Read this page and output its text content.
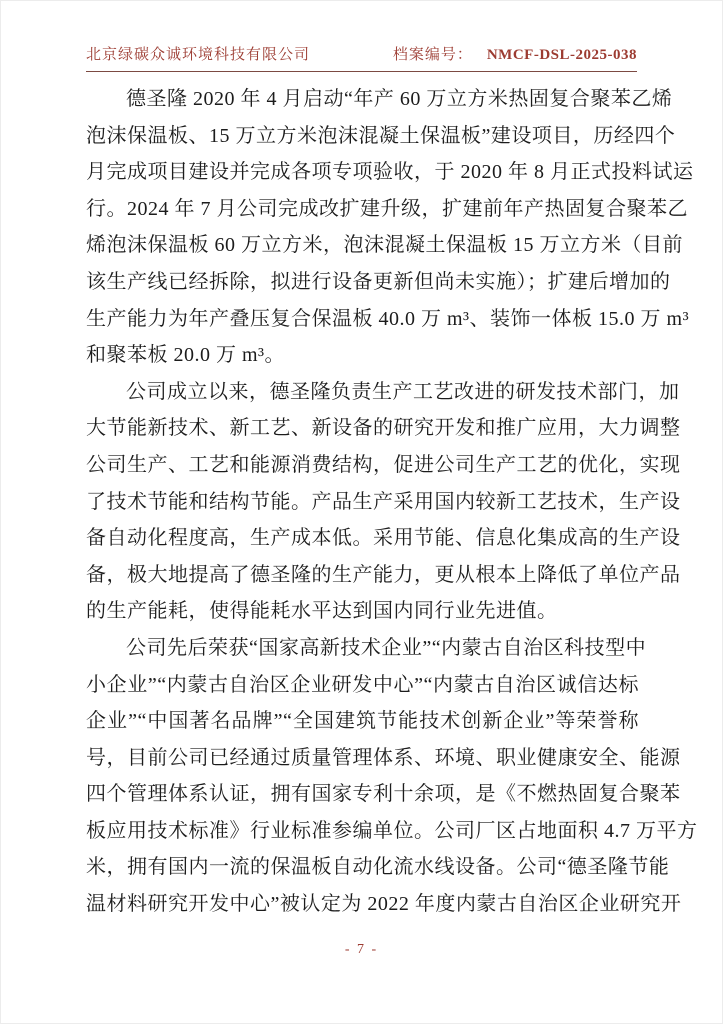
北京绿碳众诚环境科技有限公司	档案编号： NMCF-DSL-2025-038
德圣隆 2020 年 4 月启动“年产 60 万立方米热固复合聚苯乙烯
泡沫保温板、15 万立方米泡沫混凝土保温板”建设项目，历经四个
月完成项目建设并完成各项专项验收，于 2020 年 8 月正式投料试运
行。2024 年 7 月公司完成改扩建升级，扩建前年产热固复合聚苯乙
烯泡沫保温板 60 万立方米，泡沫混凝土保温板 15 万立方米（目前
该生产线已经拆除，拟进行设备更新但尚未实施）；扩建后增加的
生产能力为年产叠压复合保温板 40.0 万 m³、装饰一体板 15.0 万 m³
和聚苯板 20.0 万 m³。
公司成立以来，德圣隆负责生产工艺改进的研发技术部门，加
大节能新技术、新工艺、新设备的研究开发和推广应用，大力调整
公司生产、工艺和能源消费结构，促进公司生产工艺的优化，实现
了技术节能和结构节能。产品生产采用国内较新工艺技术，生产设
备自动化程度高，生产成本低。采用节能、信息化集成高的生产设
备，极大地提高了德圣隆的生产能力，更从根本上降低了单位产品
的生产能耗，使得能耗水平达到国内同行业先进值。
公司先后荣获“国家高新技术企业”“内蒙古自治区科技型中
小企业”“内蒙古自治区企业研发中心”“内蒙古自治区诚信达标
企业”“中国著名品牌”“全国建筑节能技术创新企业”等荣誉称
号，目前公司已经通过质量管理体系、环境、职业健康安全、能源
四个管理体系认证，拥有国家专利十余项，是《不燃热固复合聚苯
板应用技术标准》行业标准参编单位。公司厂区占地面积 4.7 万平方
米，拥有国内一流的保温板自动化流水线设备。公司“德圣隆节能
温材料研究开发中心”被认定为 2022 年度内蒙古自治区企业研究开
- 7 -
